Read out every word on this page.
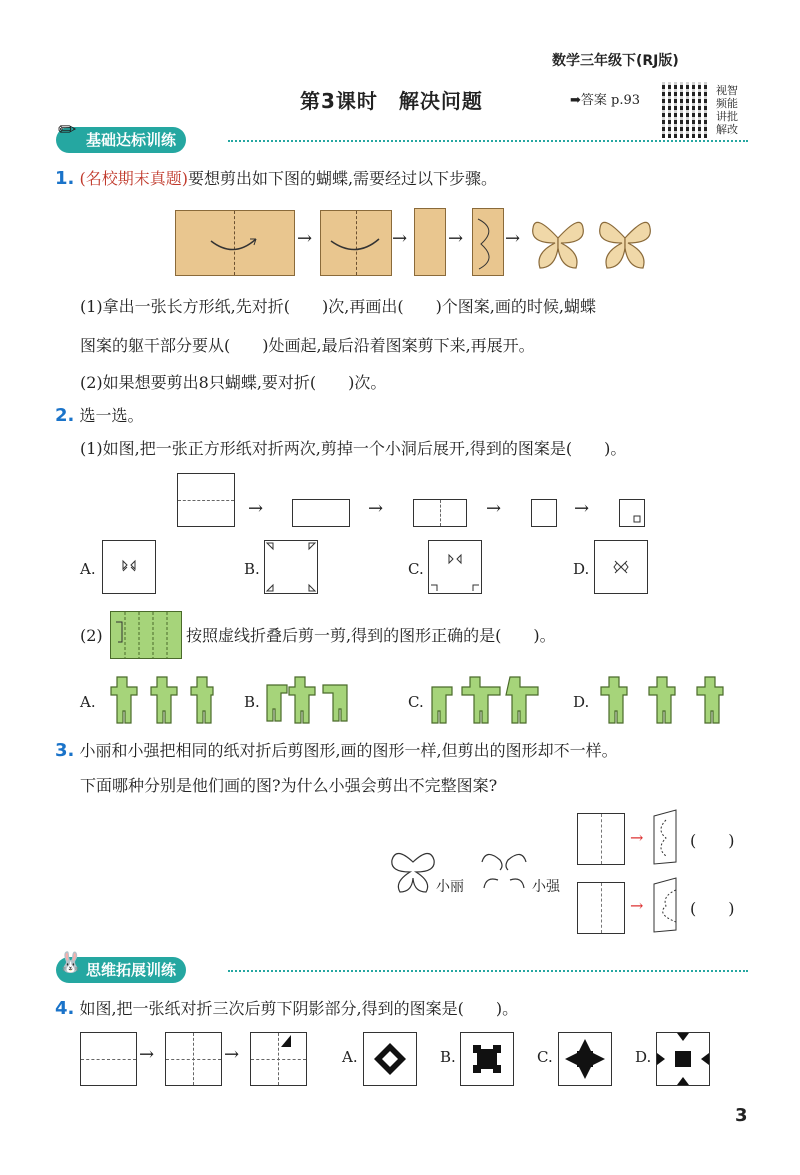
数学三年级下(RJ版)
第3课时　解决问题	➡答案 p.93
视智频能讲批解改
基础达标训练
✏
1. (名校期末真题)要想剪出如下图的蝴蝶,需要经过以下步骤。
→	→ → →
(1)拿出一张长方形纸,先对折(　　)次,再画出(　　)个图案,画的时候,蝴蝶
图案的躯干部分要从(　　)处画起,最后沿着图案剪下来,再展开。
(2)如果想要剪出8只蝴蝶,要对折(　　)次。
2. 选一选。
(1)如图,把一张正方形纸对折两次,剪掉一个小洞后展开,得到的图案是(　　)。
→	→	→	→
A.	B.	C.	D.
(2)	按照虚线折叠后剪一剪,得到的图形正确的是(　　)。
A.	B.	C.	D.
3. 小丽和小强把相同的纸对折后剪图形,画的图形一样,但剪出的图形却不一样。
下面哪种分别是他们画的图?为什么小强会剪出不完整图案?
小丽	小强
→	(　　)
→	(　　)
思维拓展训练
🐰
4. 如图,把一张纸对折三次后剪下阴影部分,得到的图案是(　　)。
→	→	A.	B.	C.	D.
3
